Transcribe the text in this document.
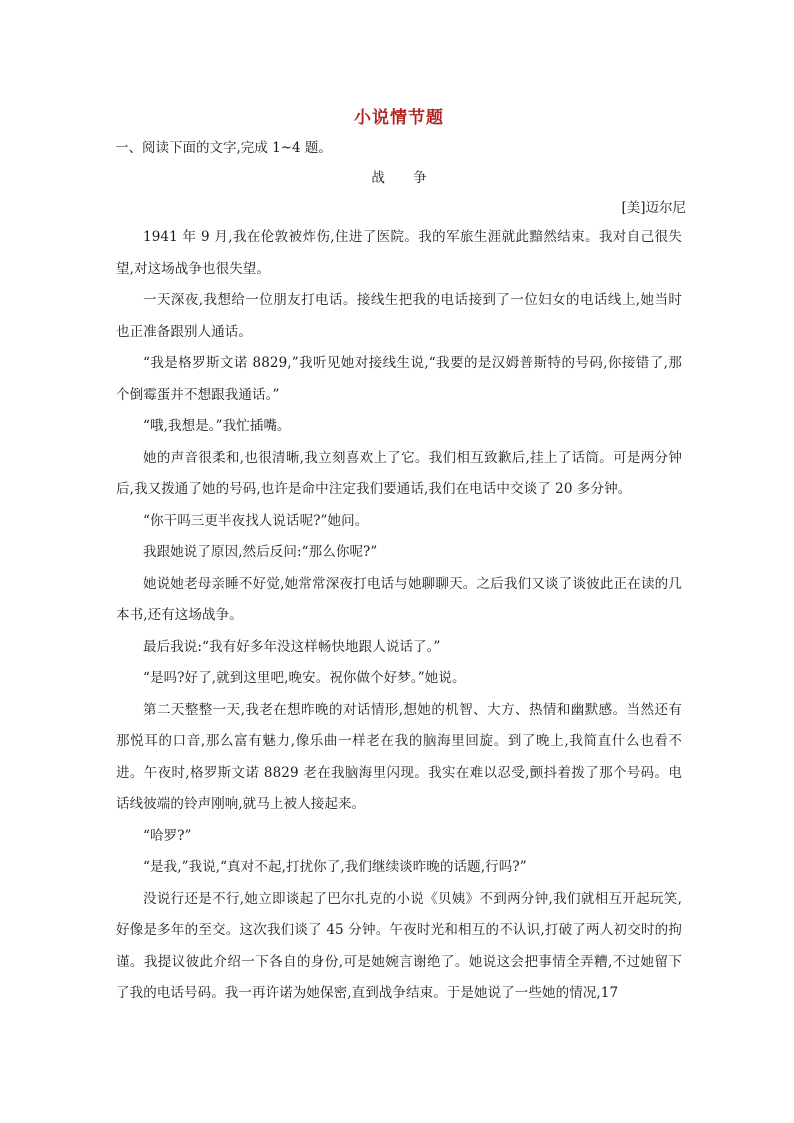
小说情节题
一、阅读下面的文字,完成 1~4 题。
战 争
[美]迈尔尼

1941 年 9 月,我在伦敦被炸伤,住进了医院。我的军旅生涯就此黯然结束。我对自己很失望,对这场战争也很失望。

一天深夜,我想给一位朋友打电话。接线生把我的电话接到了一位妇女的电话线上,她当时也正准备跟别人通话。

“我是格罗斯文诺 8829,”我听见她对接线生说,“我要的是汉姆普斯特的号码,你接错了,那个倒霉蛋并不想跟我通话。”

“哦,我想是。”我忙插嘴。

她的声音很柔和,也很清晰,我立刻喜欢上了它。我们相互致歉后,挂上了话筒。可是两分钟后,我又拨通了她的号码,也许是命中注定我们要通话,我们在电话中交谈了 20 多分钟。

“你干吗三更半夜找人说话呢?”她问。

我跟她说了原因,然后反问:“那么你呢?”

她说她老母亲睡不好觉,她常常深夜打电话与她聊聊天。之后我们又谈了谈彼此正在读的几本书,还有这场战争。

最后我说:“我有好多年没这样畅快地跟人说话了。”

“是吗?好了,就到这里吧,晚安。祝你做个好梦。”她说。

第二天整整一天,我老在想昨晚的对话情形,想她的机智、大方、热情和幽默感。当然还有那悦耳的口音,那么富有魅力,像乐曲一样老在我的脑海里回旋。到了晚上,我简直什么也看不进。午夜时,格罗斯文诺 8829 老在我脑海里闪现。我实在难以忍受,颤抖着拨了那个号码。电话线彼端的铃声刚响,就马上被人接起来。

“哈罗?”

“是我,”我说,“真对不起,打扰你了,我们继续谈昨晚的话题,行吗?”

没说行还是不行,她立即谈起了巴尔扎克的小说《贝姨》不到两分钟,我们就相互开起玩笑,好像是多年的至交。这次我们谈了 45 分钟。午夜时光和相互的不认识,打破了两人初交时的拘谨。我提议彼此介绍一下各自的身份,可是她婉言谢绝了。她说这会把事情全弄糟,不过她留下了我的电话号码。我一再许诺为她保密,直到战争结束。于是她说了一些她的情况,17
